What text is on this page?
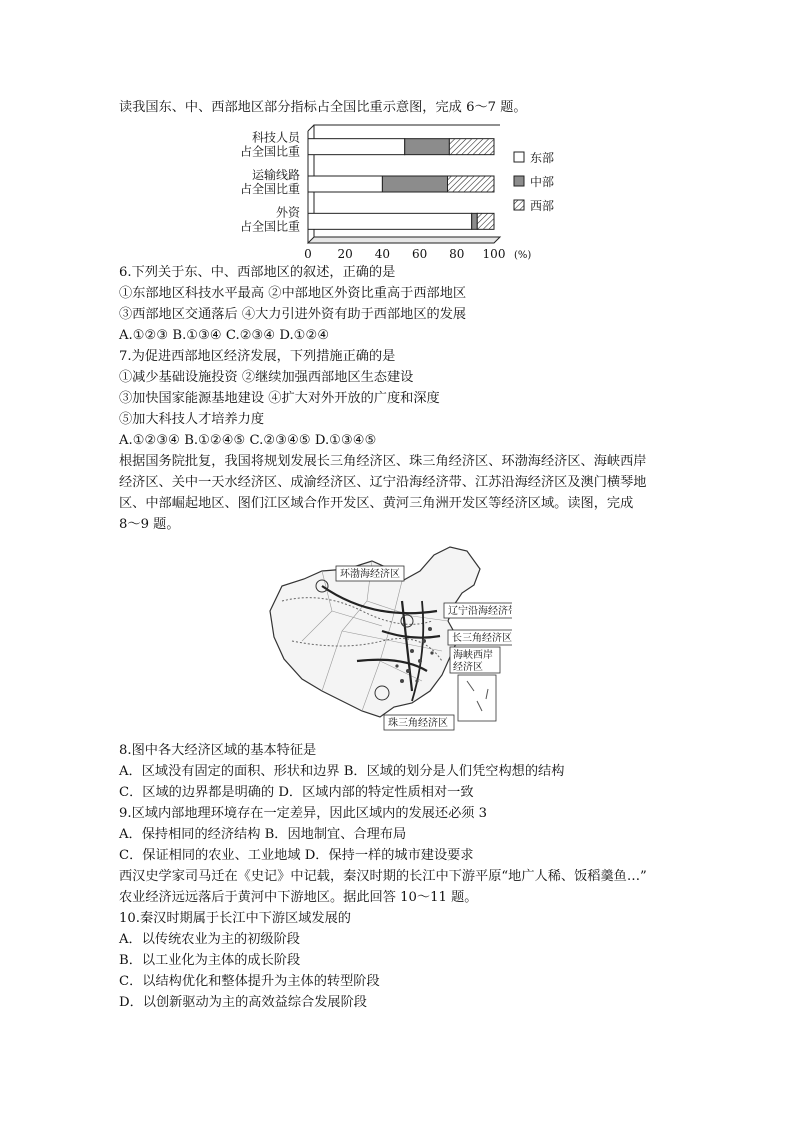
读我国东、中、西部地区部分指标占全国比重示意图，完成 6～7 题。
科技人员
占全国比重
运输线路
占全国比重
外资
占全国比重
0 20 40 60 80 100 (%)
东部
中部
西部
6.下列关于东、中、西部地区的叙述，正确的是
①东部地区科技水平最高 ②中部地区外资比重高于西部地区
③西部地区交通落后 ④大力引进外资有助于西部地区的发展
A.①②③ B.①③④ C.②③④ D.①②④
7.为促进西部地区经济发展，下列措施正确的是
①减少基础设施投资 ②继续加强西部地区生态建设
③加快国家能源基地建设 ④扩大对外开放的广度和深度
⑤加大科技人才培养力度
A.①②③④ B.①②④⑤ C.②③④⑤ D.①③④⑤
根据国务院批复，我国将规划发展长三角经济区、珠三角经济区、环渤海经济区、海峡西岸
经济区、关中一天水经济区、成渝经济区、辽宁沿海经济带、江苏沿海经济区及澳门横琴地
区、中部崛起地区、图们江区域合作开发区、黄河三角洲开发区等经济区域。读图，完成
8～9 题。
环渤海经济区
辽宁沿海经济带
长三角经济区
海峡西岸
经济区
珠三角经济区
8.图中各大经济区域的基本特征是
A．区域没有固定的面积、形状和边界 B．区域的划分是人们凭空构想的结构
C．区域的边界都是明确的 D．区域内部的特定性质相对一致
9.区域内部地理环境存在一定差异，因此区域内的发展还必须 3
A．保持相同的经济结构 B．因地制宜、合理布局
C．保证相同的农业、工业地域 D．保持一样的城市建设要求
西汉史学家司马迁在《史记》中记载，秦汉时期的长江中下游平原“地广人稀、饭稻羹鱼…”
农业经济远远落后于黄河中下游地区。据此回答 10～11 题。
10.秦汉时期属于长江中下游区域发展的
A．以传统农业为主的初级阶段
B．以工业化为主体的成长阶段
C．以结构优化和整体提升为主体的转型阶段
D．以创新驱动为主的高效益综合发展阶段
